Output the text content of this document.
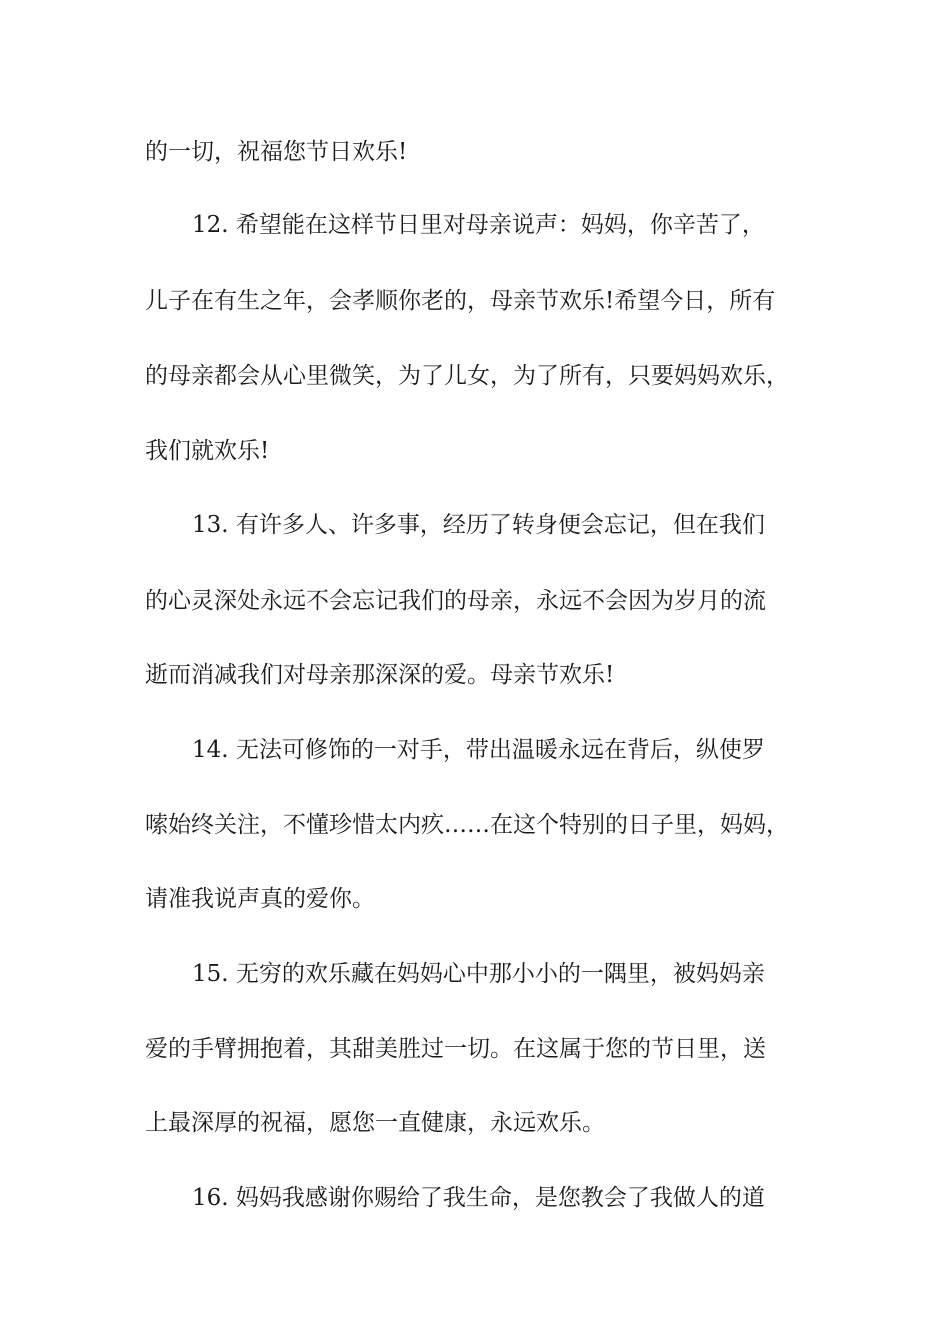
的一切，祝福您节日欢乐!
12. 希望能在这样节日里对母亲说声：妈妈，你辛苦了，
儿子在有生之年，会孝顺你老的，母亲节欢乐!希望今日，所有
的母亲都会从心里微笑，为了儿女，为了所有，只要妈妈欢乐，
我们就欢乐!
13. 有许多人、许多事，经历了转身便会忘记，但在我们
的心灵深处永远不会忘记我们的母亲，永远不会因为岁月的流
逝而消减我们对母亲那深深的爱。母亲节欢乐!
14. 无法可修饰的一对手，带出温暖永远在背后，纵使罗
嗦始终关注，不懂珍惜太内疚……在这个特别的日子里，妈妈，
请准我说声真的爱你。
15. 无穷的欢乐藏在妈妈心中那小小的一隅里，被妈妈亲
爱的手臂拥抱着，其甜美胜过一切。在这属于您的节日里，送
上最深厚的祝福，愿您一直健康，永远欢乐。
16. 妈妈我感谢你赐给了我生命，是您教会了我做人的道
